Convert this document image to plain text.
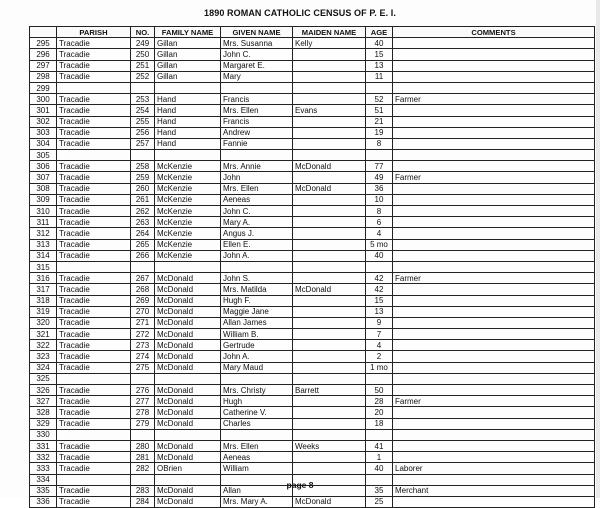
1890 ROMAN CATHOLIC CENSUS OF P. E. I.
	PARISH	NO.	FAMILY NAME	GIVEN NAME	MAIDEN NAME	AGE	COMMENTS
295	Tracadie	249	Gillan	Mrs. Susanna	Kelly	40	
296	Tracadie	250	Gillan	John C.		15	
297	Tracadie	251	Gillan	Margaret E.		13	
298	Tracadie	252	Gillan	Mary		11	
299							
300	Tracadie	253	Hand	Francis		52	Farmer
301	Tracadie	254	Hand	Mrs. Ellen	Evans	51	
302	Tracadie	255	Hand	Francis		21	
303	Tracadie	256	Hand	Andrew		19	
304	Tracadie	257	Hand	Fannie		8	
305							
306	Tracadie	258	McKenzie	Mrs. Annie	McDonald	77	
307	Tracadie	259	McKenzie	John		49	Farmer
308	Tracadie	260	McKenzie	Mrs. Ellen	McDonald	36	
309	Tracadie	261	McKenzie	Aeneas		10	
310	Tracadie	262	McKenzie	John C.		8	
311	Tracadie	263	McKenzie	Mary A.		6	
312	Tracadie	264	McKenzie	Angus J.		4	
313	Tracadie	265	McKenzie	Ellen E.		5 mo	
314	Tracadie	266	McKenzie	John A.		40	
315							
316	Tracadie	267	McDonald	John S.		42	Farmer
317	Tracadie	268	McDonald	Mrs. Matilda	McDonald	42	
318	Tracadie	269	McDonald	Hugh F.		15	
319	Tracadie	270	McDonald	Maggie Jane		13	
320	Tracadie	271	McDonald	Allan James		9	
321	Tracadie	272	McDonald	William B.		7	
322	Tracadie	273	McDonald	Gertrude		4	
323	Tracadie	274	McDonald	John A.		2	
324	Tracadie	275	McDonald	Mary Maud		1 mo	
325							
326	Tracadie	276	McDonald	Mrs. Christy	Barrett	50	
327	Tracadie	277	McDonald	Hugh		28	Farmer
328	Tracadie	278	McDonald	Catherine V.		20	
329	Tracadie	279	McDonald	Charles		18	
330							
331	Tracadie	280	McDonald	Mrs. Ellen	Weeks	41	
332	Tracadie	281	McDonald	Aeneas		1	
333	Tracadie	282	OBrien	William		40	Laborer
334							
335	Tracadie	283	McDonald	Allan		35	Merchant
336	Tracadie	284	McDonald	Mrs. Mary A.	McDonald	25	
page 8
